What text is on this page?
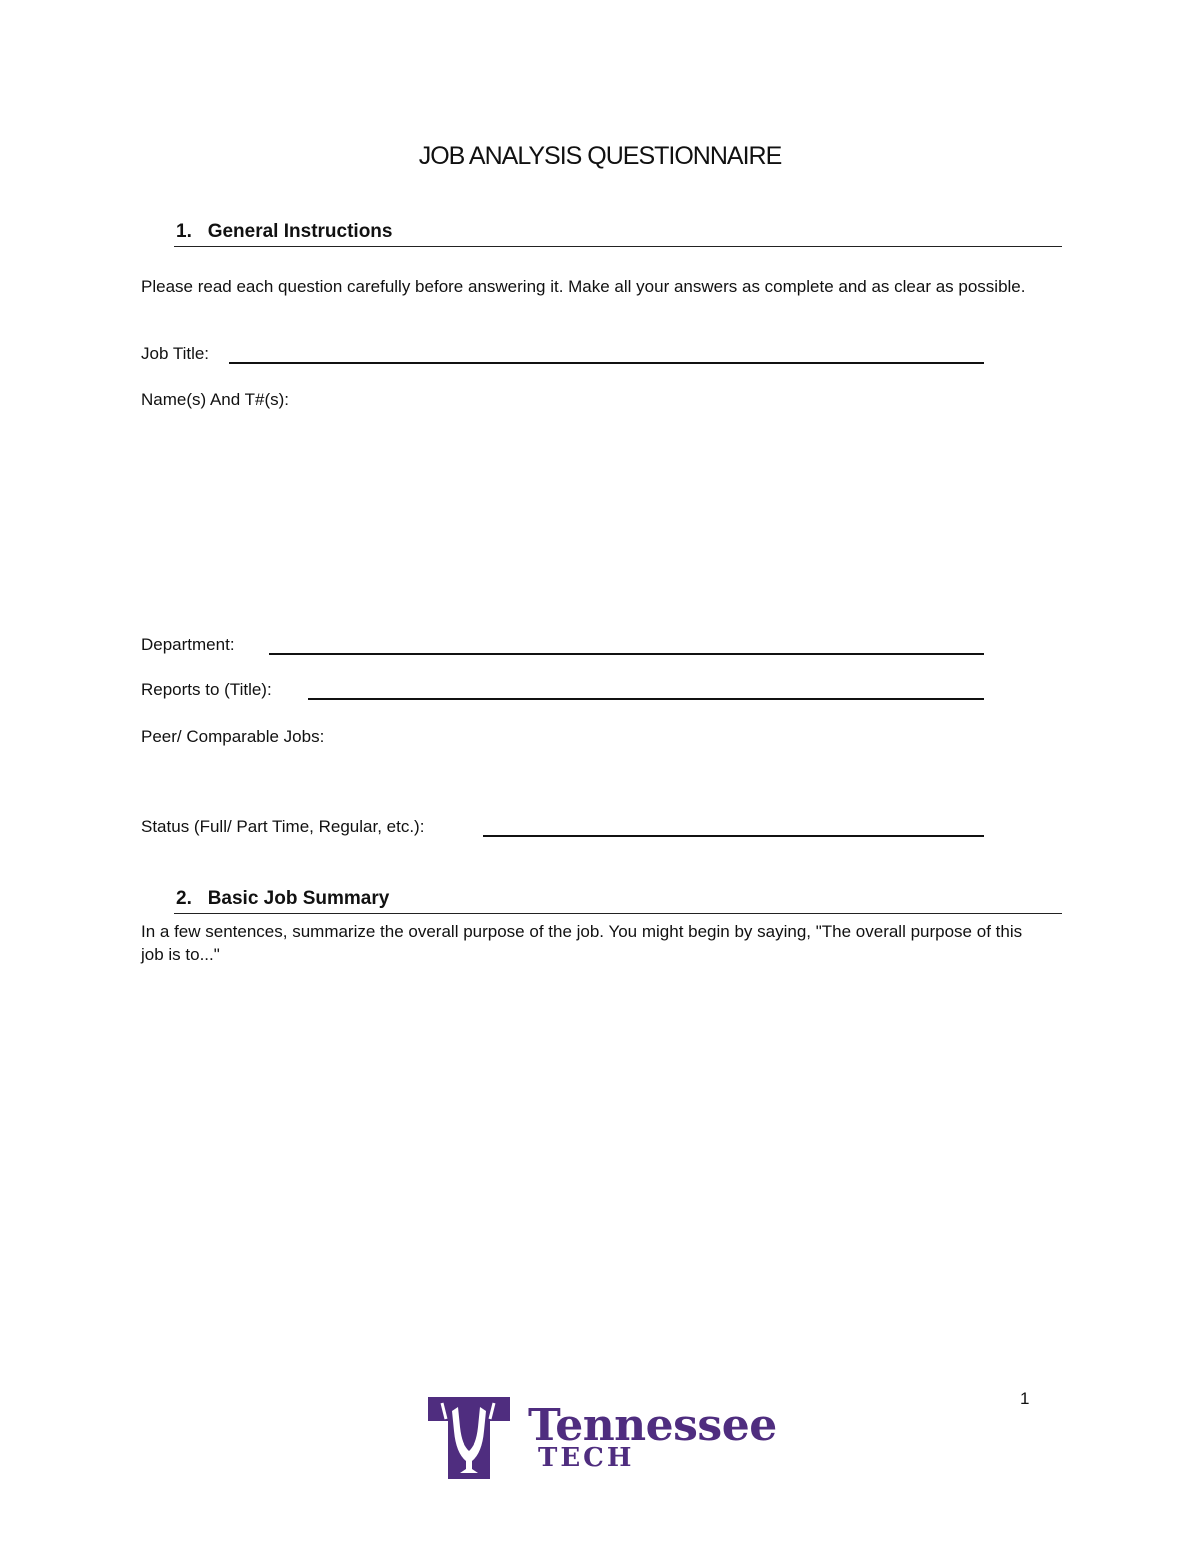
JOB ANALYSIS QUESTIONNAIRE
1. General Instructions
Please read each question carefully before answering it. Make all your answers as complete and as clear as possible.
Job Title:
Name(s) And T#(s):
Department:
Reports to (Title):
Peer/ Comparable Jobs:
Status (Full/ Part Time, Regular, etc.):
2. Basic Job Summary
In a few sentences, summarize the overall purpose of the job. You might begin by saying, "The overall purpose of this job is to..."
1
Tennessee
TECH
